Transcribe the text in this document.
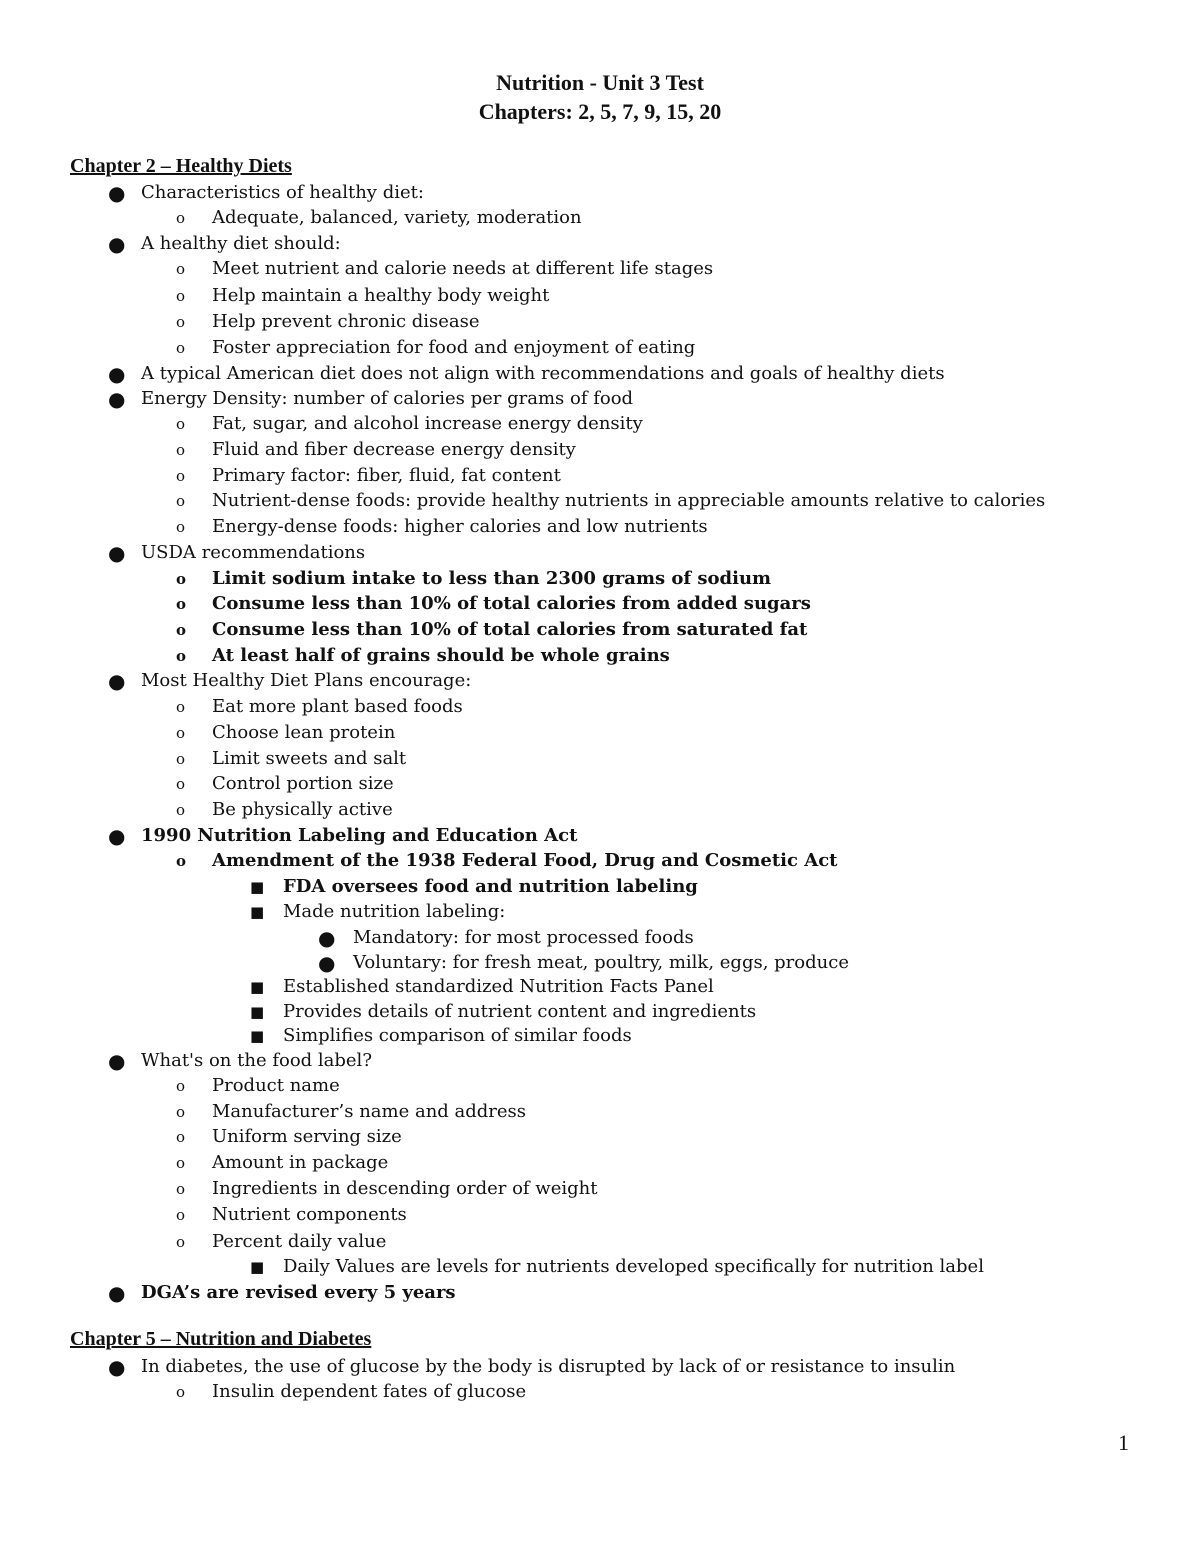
Nutrition - Unit 3 Test
Chapters: 2, 5, 7, 9, 15, 20
Chapter 2 – Healthy Diets
Chapter 5 – Nutrition and Diabetes
● Characteristics of healthy diet:
o Adequate, balanced, variety, moderation
● A healthy diet should:
o Meet nutrient and calorie needs at different life stages
o Help maintain a healthy body weight
o Help prevent chronic disease
o Foster appreciation for food and enjoyment of eating
● A typical American diet does not align with recommendations and goals of healthy diets
● Energy Density: number of calories per grams of food
o Fat, sugar, and alcohol increase energy density
o Fluid and fiber decrease energy density
o Primary factor: fiber, fluid, fat content
o Nutrient-dense foods: provide healthy nutrients in appreciable amounts relative to calories
o Energy-dense foods: higher calories and low nutrients
● USDA recommendations
o Limit sodium intake to less than 2300 grams of sodium
o Consume less than 10% of total calories from added sugars
o Consume less than 10% of total calories from saturated fat
o At least half of grains should be whole grains
● Most Healthy Diet Plans encourage:
o Eat more plant based foods
o Choose lean protein
o Limit sweets and salt
o Control portion size
o Be physically active
● 1990 Nutrition Labeling and Education Act
o Amendment of the 1938 Federal Food, Drug and Cosmetic Act
■ FDA oversees food and nutrition labeling
■ Made nutrition labeling:
● Mandatory: for most processed foods
● Voluntary: for fresh meat, poultry, milk, eggs, produce
■ Established standardized Nutrition Facts Panel
■ Provides details of nutrient content and ingredients
■ Simplifies comparison of similar foods
● What's on the food label?
o Product name
o Manufacturer’s name and address
o Uniform serving size
o Amount in package
o Ingredients in descending order of weight
o Nutrient components
o Percent daily value
■ Daily Values are levels for nutrients developed specifically for nutrition label
● DGA’s are revised every 5 years
● In diabetes, the use of glucose by the body is disrupted by lack of or resistance to insulin
o Insulin dependent fates of glucose
1
